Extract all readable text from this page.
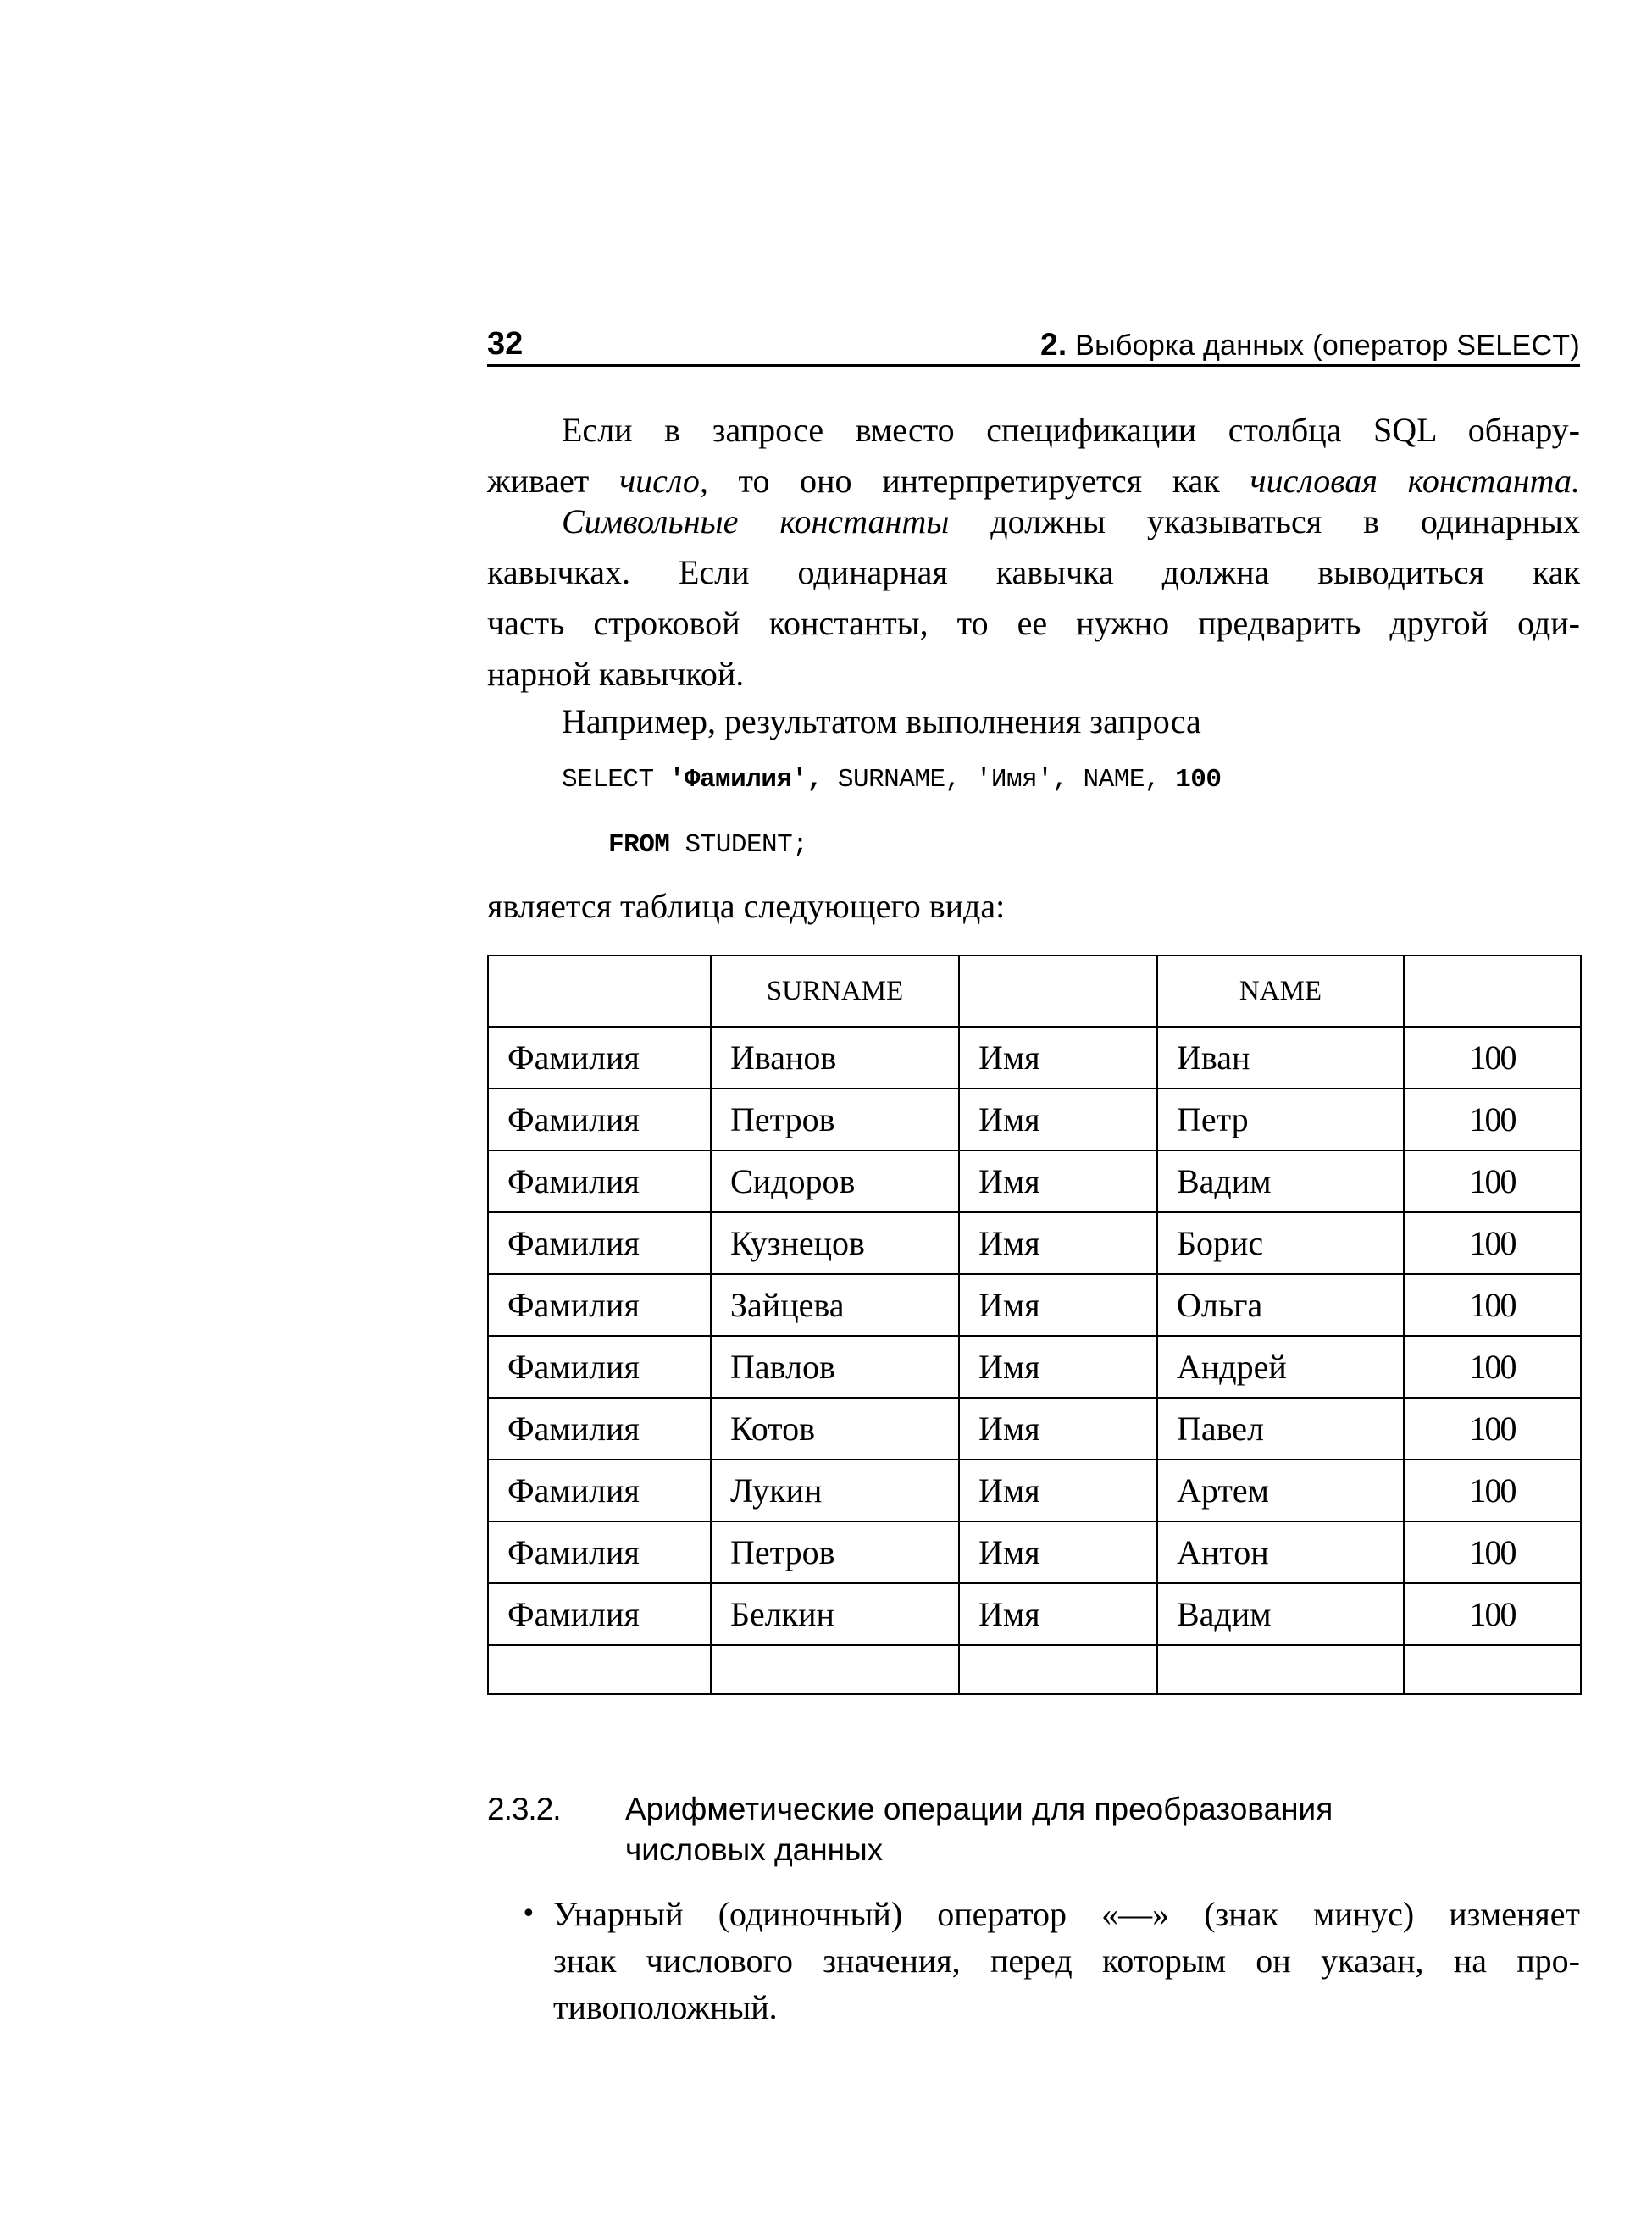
32	2. Выборка данных (оператор SELECT)
Если в запросе вместо спецификации столбца SQL обнару-
живает число, то оно интерпретируется как числовая константа.
Символьные константы должны указываться в одинарных
кавычках. Если одинарная кавычка должна выводиться как
часть строковой константы, то ее нужно предварить другой оди-
нарной кавычкой.
Например, результатом выполнения запроса
SELECT 'Фамилия', SURNAME, 'Имя', NAME, 100
FROM STUDENT;
является таблица следующего вида:
	SURNAME		NAME	
Фамилия	Иванов	Имя	Иван	100
Фамилия	Петров	Имя	Петр	100
Фамилия	Сидоров	Имя	Вадим	100
Фамилия	Кузнецов	Имя	Борис	100
Фамилия	Зайцева	Имя	Ольга	100
Фамилия	Павлов	Имя	Андрей	100
Фамилия	Котов	Имя	Павел	100
Фамилия	Лукин	Имя	Артем	100
Фамилия	Петров	Имя	Антон	100
Фамилия	Белкин	Имя	Вадим	100

2.3.2. Арифметические операции для преобразования
числовых данных
• Унарный (одиночный) оператор «—» (знак минус) изменяет
знак числового значения, перед которым он указан, на про-
тивоположный.
